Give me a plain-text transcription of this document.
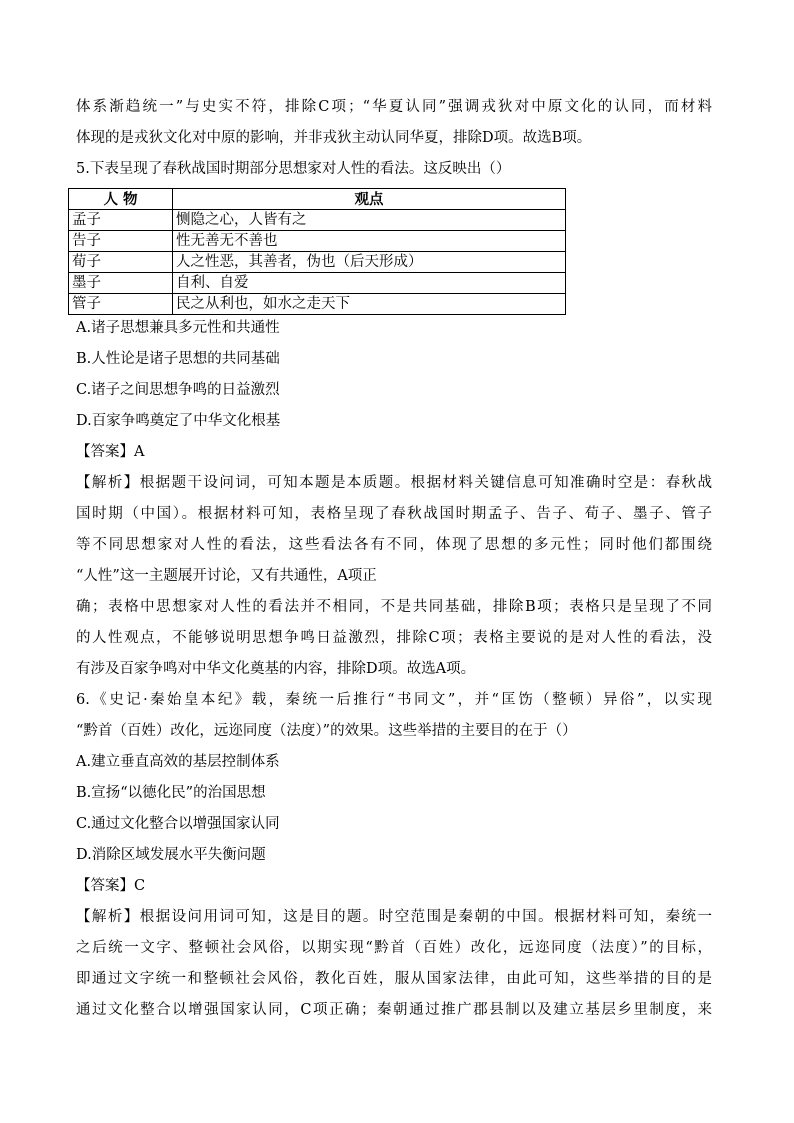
体系渐趋统一”与史实不符，排除C项；“华夏认同”强调戎狄对中原文化的认同，而材料
体现的是戎狄文化对中原的影响，并非戎狄主动认同华夏，排除D项。故选B项。
5.下表呈现了春秋战国时期部分思想家对人性的看法。这反映出（）
人 物	观点
孟子	恻隐之心，人皆有之
告子	性无善无不善也
荀子	人之性恶，其善者，伪也（后天形成）
墨子	自利、自爱
管子	民之从利也，如水之走天下
A.诸子思想兼具多元性和共通性
B.人性论是诸子思想的共同基础
C.诸子之间思想争鸣的日益激烈
D.百家争鸣奠定了中华文化根基
【答案】A
【解析】根据题干设问词，可知本题是本质题。根据材料关键信息可知准确时空是：春秋战
国时期（中国）。根据材料可知，表格呈现了春秋战国时期孟子、告子、荀子、墨子、管子
等不同思想家对人性的看法，这些看法各有不同，体现了思想的多元性；同时他们都围绕
“人性”这一主题展开讨论，又有共通性，A项正
确；表格中思想家对人性的看法并不相同，不是共同基础，排除B项；表格只是呈现了不同
的人性观点，不能够说明思想争鸣日益激烈，排除C项；表格主要说的是对人性的看法，没
有涉及百家争鸣对中华文化奠基的内容，排除D项。故选A项。
6.《史记·秦始皇本纪》载，秦统一后推行“书同文”，并“匡饬（整顿）异俗”，以实现
“黔首（百姓）改化，远迩同度（法度）”的效果。这些举措的主要目的在于（）
A.建立垂直高效的基层控制体系
B.宣扬“以德化民”的治国思想
C.通过文化整合以增强国家认同
D.消除区域发展水平失衡问题
【答案】C
【解析】根据设问用词可知，这是目的题。时空范围是秦朝的中国。根据材料可知，秦统一
之后统一文字、整顿社会风俗，以期实现“黔首（百姓）改化，远迩同度（法度）”的目标，
即通过文字统一和整顿社会风俗，教化百姓，服从国家法律，由此可知，这些举措的目的是
通过文化整合以增强国家认同，C项正确；秦朝通过推广郡县制以及建立基层乡里制度，来
